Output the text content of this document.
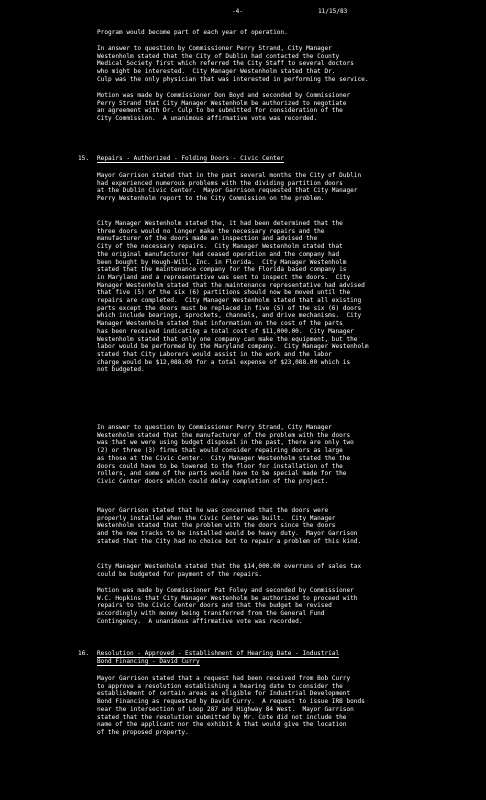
-4-	11/15/83

Program would become part of each year of operation.

In answer to question by Commissioner Perry Strand, City Manager
Westenholm stated that the City of Dublin had contacted the County
Medical Society first which referred the City Staff to several doctors
who might be interested.  City Manager Westenholm stated that Dr.
Culp was the only physician that was interested in performing the service.

Motion was made by Commissioner Don Boyd and seconded by Commissioner
Perry Strand that City Manager Westenholm be authorized to negotiate
an agreement with Dr. Culp to be submitted for consideration of the
City Commission.  A unanimous affirmative vote was recorded.

15. Repairs - Authorized - Folding Doors - Civic Center

Mayor Garrison stated that in the past several months the City of Dublin
had experienced numerous problems with the dividing partition doors
at the Dublin Civic Center.  Mayor Garrison requested that City Manager
Perry Westenholm report to the City Commission on the problem.

City Manager Westenholm stated the, it had been determined that the
three doors would no longer make the necessary repairs and the
manufacturer of the doors made an inspection and advised the
City of the necessary repairs.  City Manager Westenholm stated that
the original manufacturer had ceased operation and the company had
been bought by Hough-Will, Inc. in Florida.  City Manager Westenholm
stated that the maintenance company for the Florida based company is
in Maryland and a representative was sent to inspect the doors.  City
Manager Westenholm stated that the maintenance representative had advised
that five (5) of the six (6) partitions should now be moved until the
repairs are completed.  City Manager Westenholm stated that all existing
parts except the doors must be replaced in five (5) of the six (6) doors
which include bearings, sprockets, channels, and drive mechanisms.  City
Manager Westenholm stated that information on the cost of the parts
has been received indicating a total cost of $11,000.00.  City Manager
Westenholm stated that only one company can make the equipment, but the
labor would be performed by the Maryland company.  City Manager Westenholm
stated that City Laborers would assist in the work and the labor
charge would be $12,088.00 for a total expense of $23,088.00 which is
not budgeted.

In answer to question by Commissioner Perry Strand, City Manager
Westenholm stated that the manufacturer of the problem with the doors
was that we were using budget disposal in the past, there are only two
(2) or three (3) firms that would consider repairing doors as large
as those at the Civic Center.  City Manager Westenholm stated the the
doors could have to be lowered to the floor for installation of the
rollers, and some of the parts would have to be special made for the
Civic Center doors which could delay completion of the project.

Mayor Garrison stated that he was concerned that the doors were
properly installed when the Civic Center was built.  City Manager
Westenholm stated that the problem with the doors since the doors
and the new tracks to be installed would be heavy duty.  Mayor Garrison
stated that the City had no choice but to repair a problem of this kind.

City Manager Westenholm stated that the $14,000.00 overruns of sales tax
could be budgeted for payment of the repairs.

Motion was made by Commissioner Pat Foley and seconded by Commissioner
W.C. Hopkins that City Manager Westenholm be authorized to proceed with
repairs to the Civic Center doors and that the budget be revised
accordingly with money being transferred from the General Fund
Contingency.  A unanimous affirmative vote was recorded.

16. Resolution - Approved - Establishment of Hearing Date - Industrial
Bond Financing - David Curry

Mayor Garrison stated that a request had been received from Bob Curry
to approve a resolution establishing a hearing date to consider the
establishment of certain areas as eligible for Industrial Development
Bond Financing as requested by David Curry.  A request to issue IRB bonds
near the intersection of Loop 287 and Highway 84 West.  Mayor Garrison
stated that the resolution submitted by Mr. Cote did not include the
name of the applicant nor the exhibit A that would give the location
of the proposed property.
